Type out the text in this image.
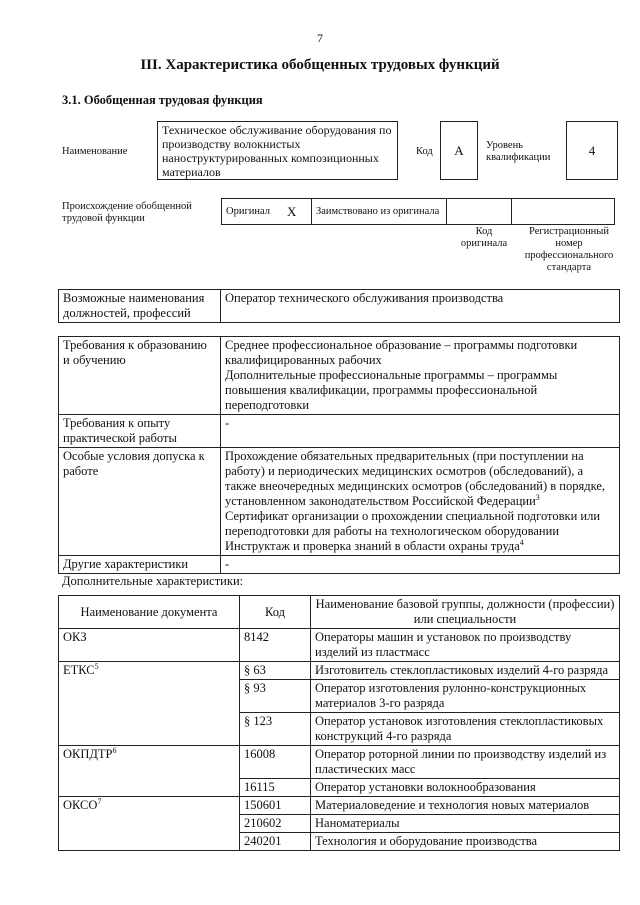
7
III. Характеристика обобщенных трудовых функций
3.1. Обобщенная трудовая функция
Наименование
Техническое обслуживание оборудования по производству волокнистых наноструктурированных композиционных материалов
Код	А	Уровень квалификации	4
Происхождение обобщенной трудовой функции
Оригинал	X	Заимствовано из оригинала		
Код оригинала
Регистрационный номер профессионального стандарта
Возможные наименования должностей, профессий	Оператор технического обслуживания производства
Требования к образованию и обучению	Среднее профессиональное образование – программы подготовки квалифицированных рабочих
Дополнительные профессиональные программы – программы повышения квалификации, программы профессиональной переподготовки

Требования к опыту практической работы	-
Особые условия допуска к работе	Прохождение обязательных предварительных (при поступлении на работу) и периодических медицинских осмотров (обследований), а также внеочередных медицинских осмотров (обследований) в порядке, установленном законодательством Российской Федерации$^3$
Сертификат организации о прохождении специальной подготовки или переподготовки для работы на технологическом оборудовании
Инструктаж и проверка знаний в области охраны труда$^4$

Другие характеристики	-
Дополнительные характеристики:
Наименование документа	Код	Наименование базовой группы, должности (профессии) или специальности
ОКЗ	8142	Операторы машин и установок по производству изделий из пластмасс
ЕТКС$^5$	§ 63	Изготовитель стеклопластиковых изделий 4-го разряда
	§ 93	Оператор изготовления рулонно-конструкционных материалов 3-го разряда
	§ 123	Оператор установок изготовления стеклопластиковых конструкций 4-го разряда
ОКПДТР$^6$	16008	Оператор роторной линии по производству изделий из пластических масс
	16115	Оператор установки волокнообразования
ОКСО$^7$	150601	Материаловедение и технология новых материалов
	210602	Наноматериалы
	240201	Технология и оборудование производства
